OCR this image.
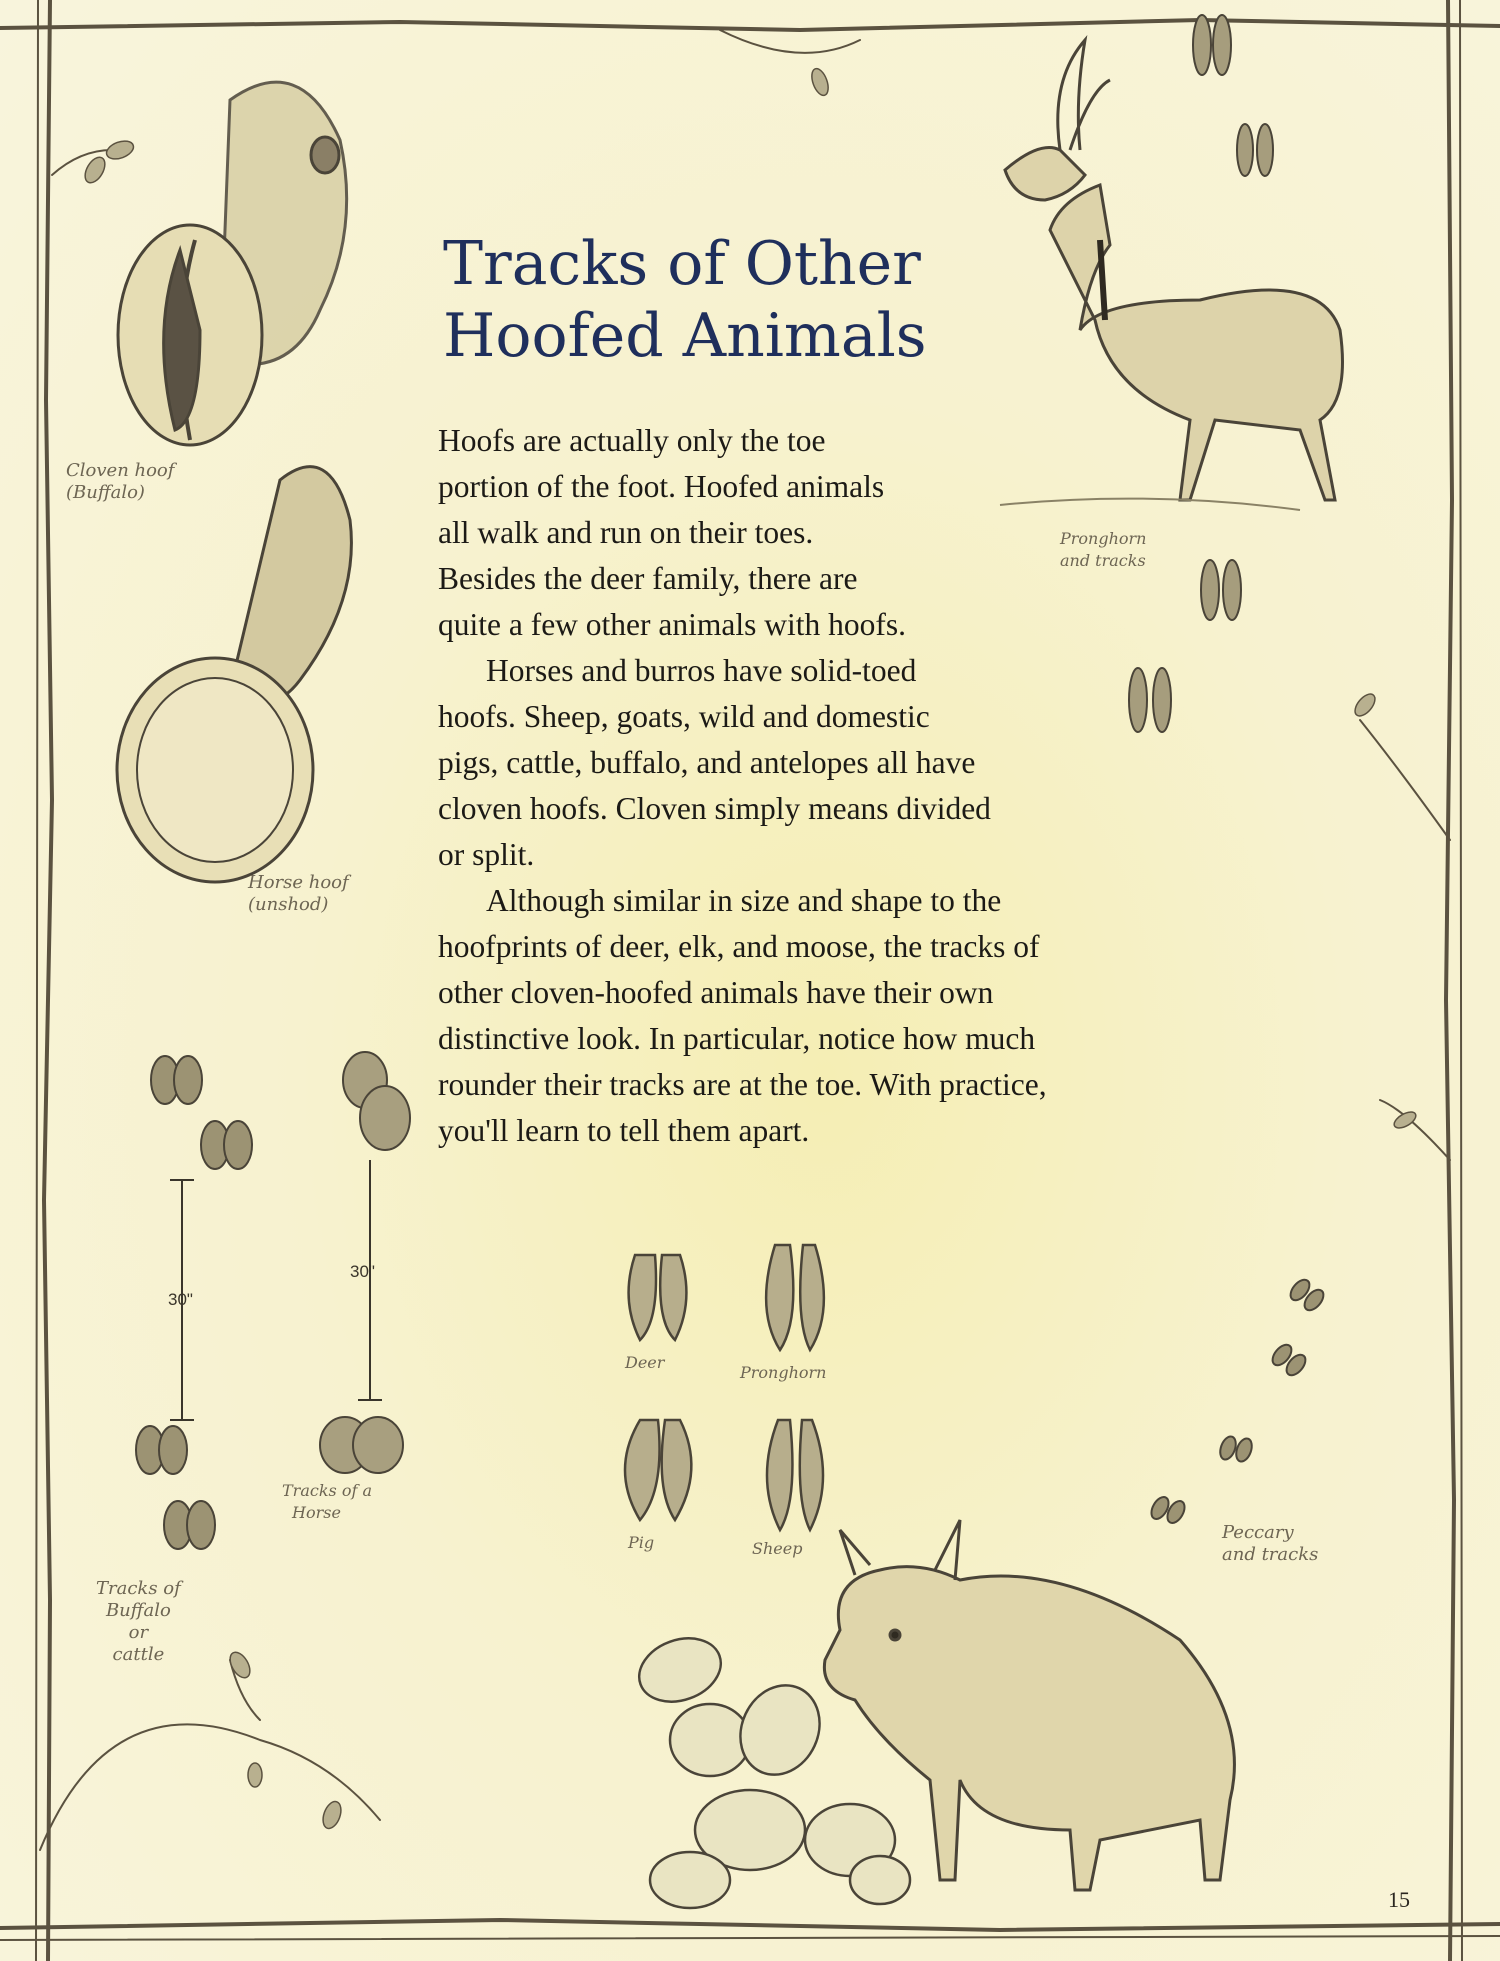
Tracks of Other
Hoofed Animals

Hoofs are actually only the toe
portion of the foot. Hoofed animals
all walk and run on their toes.
Besides the deer family, there are
quite a few other animals with hoofs.

Horses and burros have solid-toed
hoofs. Sheep, goats, wild and domestic
pigs, cattle, buffalo, and antelopes all have
cloven hoofs. Cloven simply means divided
or split.

Although similar in size and shape to the
hoofprints of deer, elk, and moose, the tracks of
other cloven-hoofed animals have their own
distinctive look. In particular, notice how much
rounder their tracks are at the toe. With practice,
you'll learn to tell them apart.

Cloven hoof
(Buffalo)
Horse hoof
(unshod)
Pronghorn
and tracks
Peccary
and tracks
Tracks of a
Horse
Tracks of
Buffalo
or
cattle
Deer
Pronghorn
Pig	Sheep
30"
30"
15
